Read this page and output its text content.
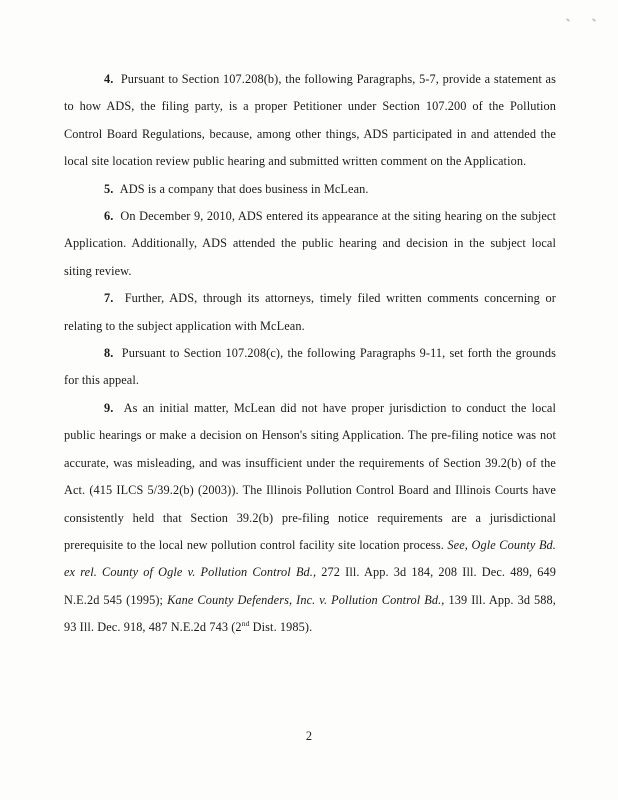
4. Pursuant to Section 107.208(b), the following Paragraphs, 5-7, provide a statement as to how ADS, the filing party, is a proper Petitioner under Section 107.200 of the Pollution Control Board Regulations, because, among other things, ADS participated in and attended the local site location review public hearing and submitted written comment on the Application.

5. ADS is a company that does business in McLean.

6. On December 9, 2010, ADS entered its appearance at the siting hearing on the subject Application. Additionally, ADS attended the public hearing and decision in the subject local siting review.

7. Further, ADS, through its attorneys, timely filed written comments concerning or relating to the subject application with McLean.

8. Pursuant to Section 107.208(c), the following Paragraphs 9-11, set forth the grounds for this appeal.

9. As an initial matter, McLean did not have proper jurisdiction to conduct the local public hearings or make a decision on Henson's siting Application. The pre-filing notice was not accurate, was misleading, and was insufficient under the requirements of Section 39.2(b) of the Act. (415 ILCS 5/39.2(b) (2003)). The Illinois Pollution Control Board and Illinois Courts have consistently held that Section 39.2(b) pre-filing notice requirements are a jurisdictional prerequisite to the local new pollution control facility site location process. See, Ogle County Bd. ex rel. County of Ogle v. Pollution Control Bd., 272 Ill. App. 3d 184, 208 Ill. Dec. 489, 649 N.E.2d 545 (1995); Kane County Defenders, Inc. v. Pollution Control Bd., 139 Ill. App. 3d 588, 93 Ill. Dec. 918, 487 N.E.2d 743 (2nd Dist. 1985).

2
